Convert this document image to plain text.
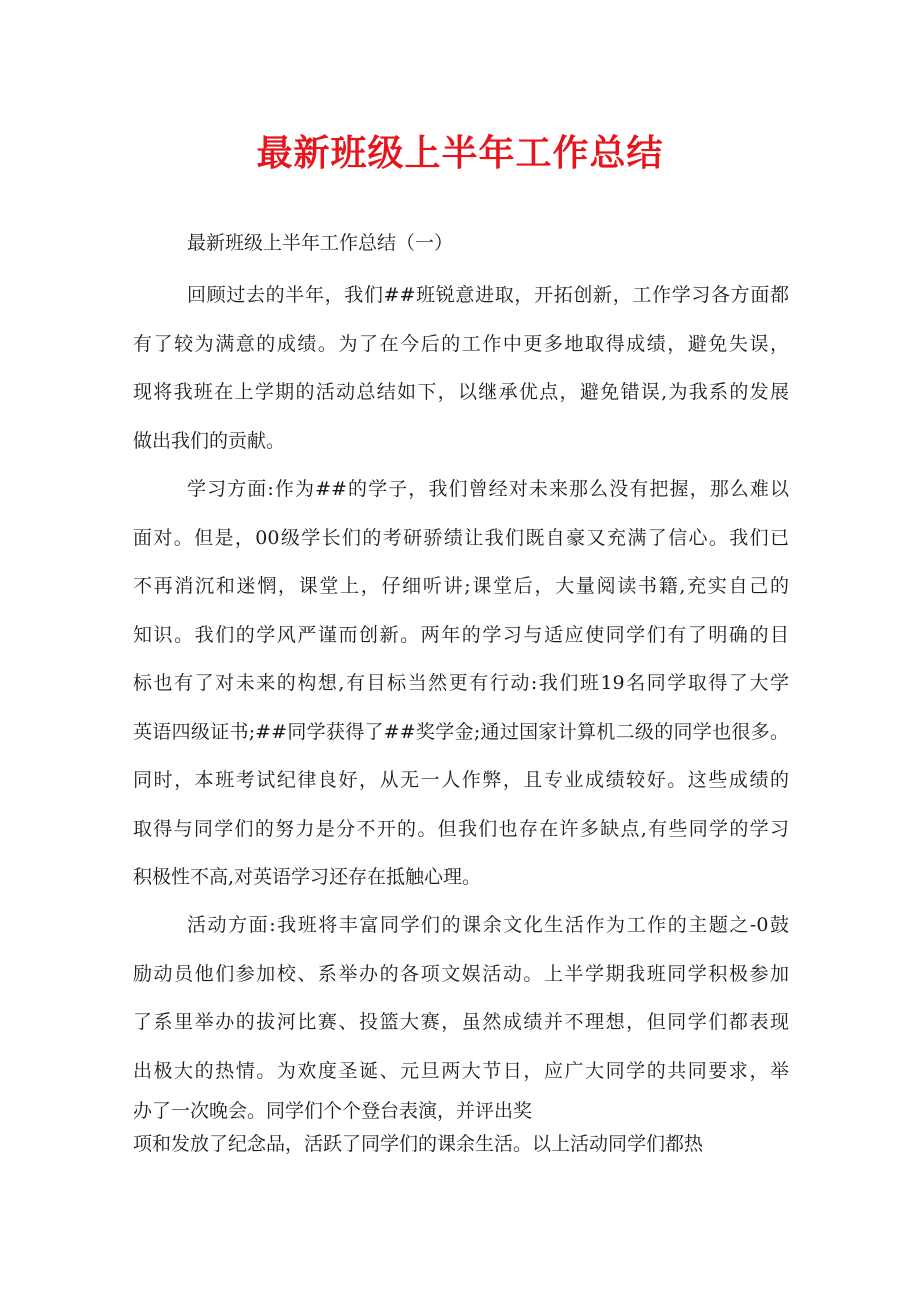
最新班级上半年工作总结

最新班级上半年工作总结（一）

回顾过去的半年，我们##班锐意进取，开拓创新，工作学习各方面都
有了较为满意的成绩。为了在今后的工作中更多地取得成绩，避免失误，
现将我班在上学期的活动总结如下，以继承优点，避免错误,为我系的发展
做出我们的贡献。

学习方面:作为##的学子，我们曾经对未来那么没有把握，那么难以
面对。但是，00级学长们的考研骄绩让我们既自豪又充满了信心。我们已
不再消沉和迷惘，课堂上，仔细听讲;课堂后，大量阅读书籍,充实自己的
知识。我们的学风严谨而创新。两年的学习与适应使同学们有了明确的目
标也有了对未来的构想,有目标当然更有行动:我们班19名同学取得了大学
英语四级证书;##同学获得了##奖学金;通过国家计算机二级的同学也很多。
同时，本班考试纪律良好，从无一人作弊，且专业成绩较好。这些成绩的
取得与同学们的努力是分不开的。但我们也存在许多缺点,有些同学的学习
积极性不高,对英语学习还存在抵触心理。

活动方面:我班将丰富同学们的课余文化生活作为工作的主题之-0鼓
励动员他们参加校、系举办的各项文娱活动。上半学期我班同学积极参加
了系里举办的拔河比赛、投篮大赛，虽然成绩并不理想，但同学们都表现
出极大的热情。为欢度圣诞、元旦两大节日，应广大同学的共同要求，举

办了一次晚会。同学们个个登台表演，并评出奖

项和发放了纪念品，活跃了同学们的课余生活。以上活动同学们都热
